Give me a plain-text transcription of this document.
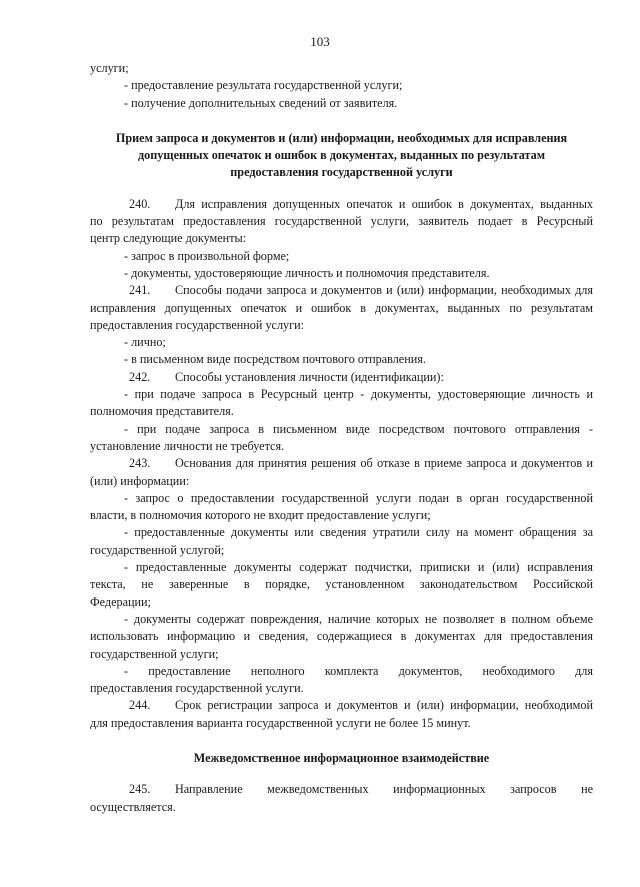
103
услуги;
- предоставление результата государственной услуги;
- получение дополнительных сведений от заявителя.
Прием запроса и документов и (или) информации, необходимых для исправления
допущенных опечаток и ошибок в документах, выданных по результатам
предоставления государственной услуги
240. Для исправления допущенных опечаток и ошибок в документах, выданных
по результатам предоставления государственной услуги, заявитель подает в Ресурсный
центр следующие документы:
- запрос в произвольной форме;
- документы, удостоверяющие личность и полномочия представителя.
241. Способы подачи запроса и документов и (или) информации, необходимых для
исправления допущенных опечаток и ошибок в документах, выданных по результатам
предоставления государственной услуги:
- лично;
- в письменном виде посредством почтового отправления.
242. Способы установления личности (идентификации):
- при подаче запроса в Ресурсный центр - документы, удостоверяющие личность и
полномочия представителя.
- при подаче запроса в письменном виде посредством почтового отправления -
установление личности не требуется.
243. Основания для принятия решения об отказе в приеме запроса и документов и
(или) информации:
- запрос о предоставлении государственной услуги подан в орган государственной
власти, в полномочия которого не входит предоставление услуги;
- предоставленные документы или сведения утратили силу на момент обращения за
государственной услугой;
- предоставленные документы содержат подчистки, приписки и (или) исправления
текста, не заверенные в порядке, установленном законодательством Российской
Федерации;
- документы содержат повреждения, наличие которых не позволяет в полном объеме
использовать информацию и сведения, содержащиеся в документах для предоставления
государственной услуги;
- предоставление неполного комплекта документов, необходимого для
предоставления государственной услуги.
244. Срок регистрации запроса и документов и (или) информации, необходимой
для предоставления варианта государственной услуги не более 15 минут.
Межведомственное информационное взаимодействие
245. Направление межведомственных информационных запросов не
осуществляется.
